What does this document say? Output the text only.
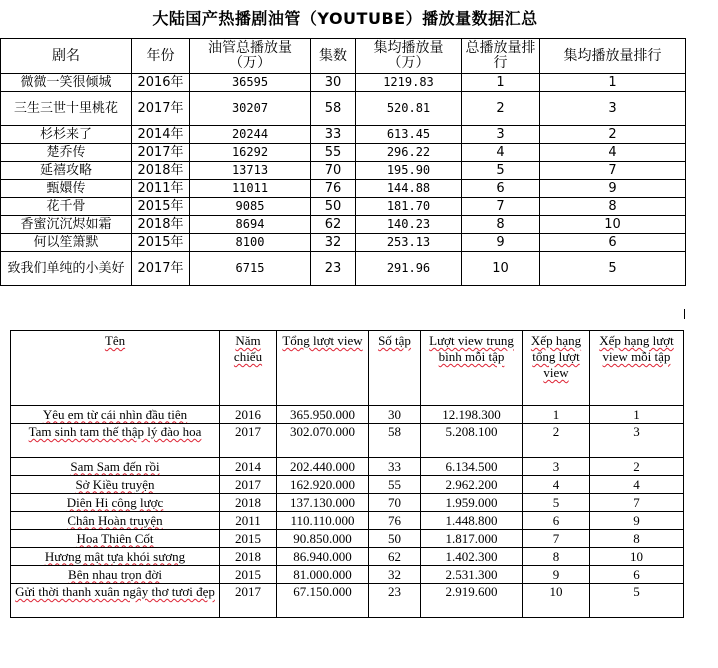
大陆国产热播剧油管（YOUTUBE）播放量数据汇总
剧名	年份	油管总播放量（万）	集数	集均播放量（万）	总播放量排行	集均播放量排行
微微一笑很倾城	2016年	36595	30	1219.83	1	1
三生三世十里桃花	2017年	30207	58	520.81	2	3
杉杉来了	2014年	20244	33	613.45	3	2
楚乔传	2017年	16292	55	296.22	4	4
延禧攻略	2018年	13713	70	195.90	5	7
甄嬛传	2011年	11011	76	144.88	6	9
花千骨	2015年	9085	50	181.70	7	8
香蜜沉沉烬如霜	2018年	8694	62	140.23	8	10
何以笙箫默	2015年	8100	32	253.13	9	6
致我们单纯的小美好	2017年	6715	23	291.96	10	5
Tên	Năm chiếu	Tổng lượt view	Số tập	Lượt view trung bình mỗi tập	Xếp hạng tổng lượt view	Xếp hạng lượt view mỗi tập
Yêu em từ cái nhìn đầu tiên	2016	365.950.000	30	12.198.300	1	1
Tam sinh tam thế thập lý đào hoa	2017	302.070.000	58	5.208.100	2	3
Sam Sam đến rồi	2014	202.440.000	33	6.134.500	3	2
Sở Kiều truyện	2017	162.920.000	55	2.962.200	4	4
Diên Hi công lược	2018	137.130.000	70	1.959.000	5	7
Chân Hoàn truyện	2011	110.110.000	76	1.448.800	6	9
Hoa Thiên Cốt	2015	90.850.000	50	1.817.000	7	8
Hương mật tựa khói sương	2018	86.940.000	62	1.402.300	8	10
Bên nhau trọn đời	2015	81.000.000	32	2.531.300	9	6
Gửi thời thanh xuân ngây thơ tươi đẹp	2017	67.150.000	23	2.919.600	10	5
